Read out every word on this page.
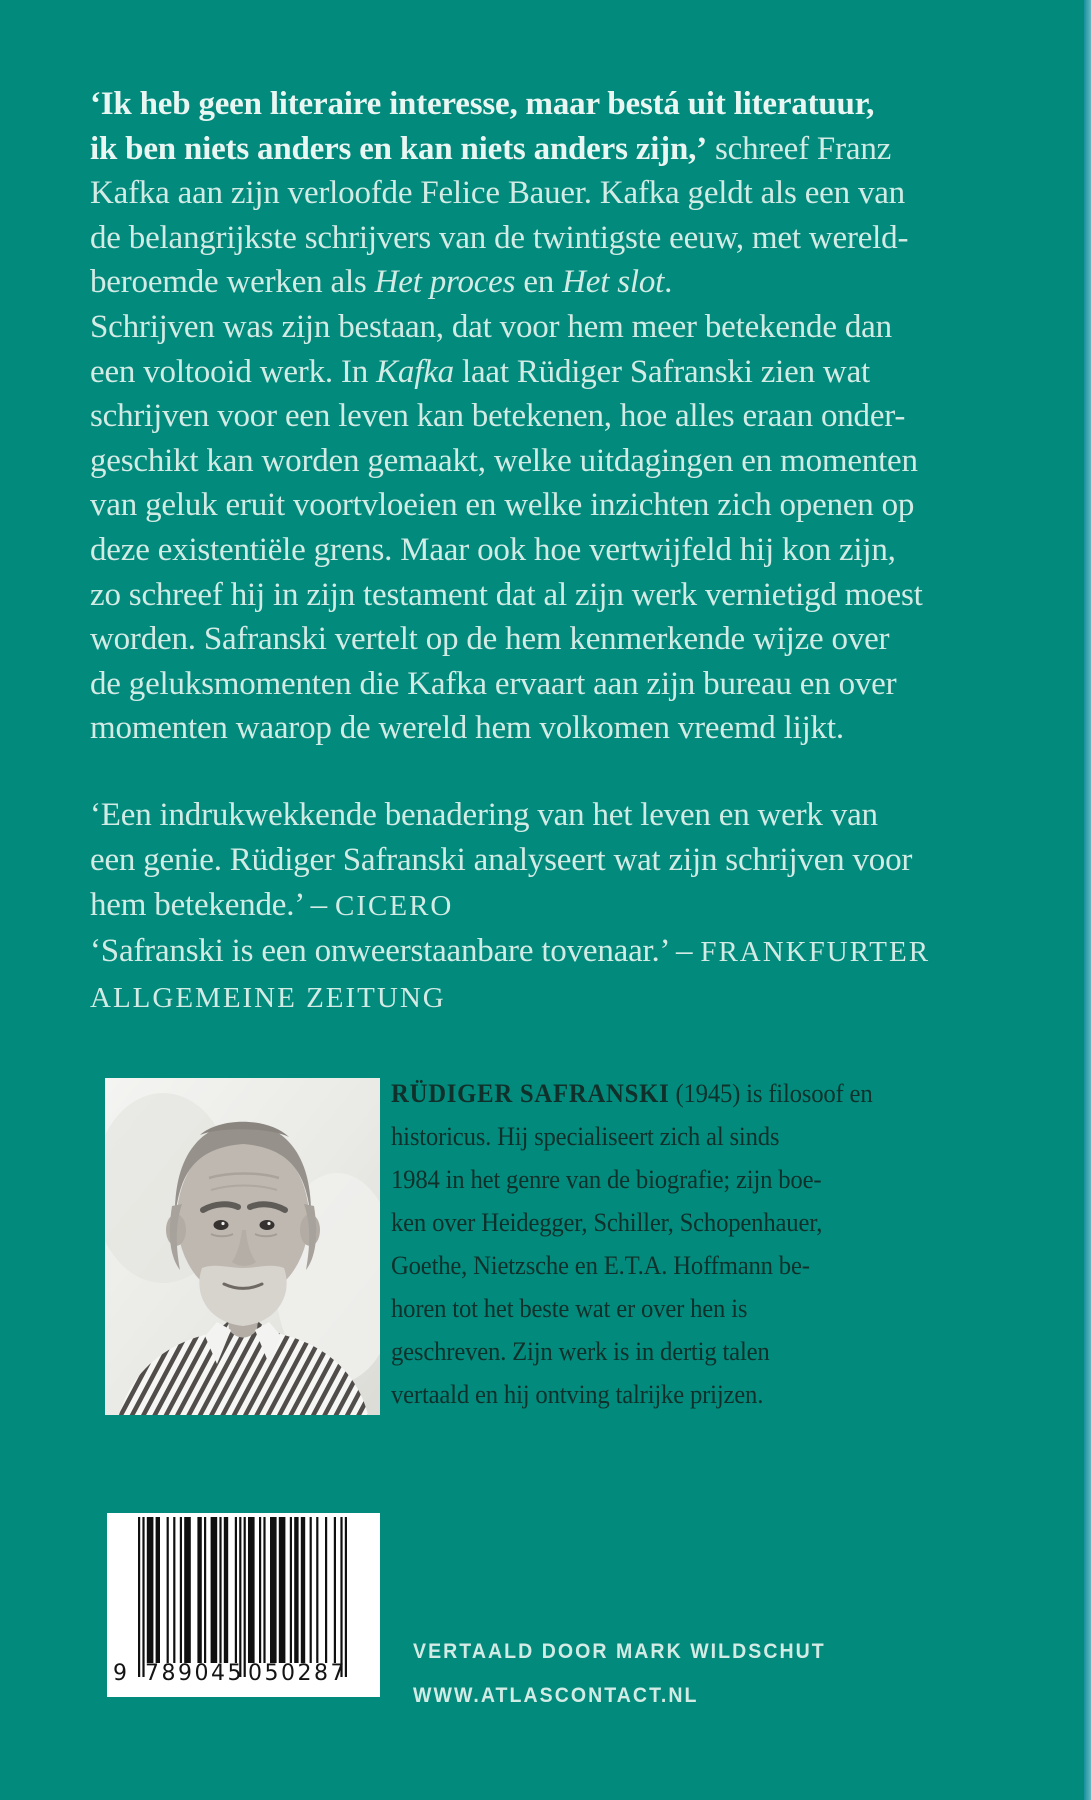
‘Ik heb geen literaire interesse, maar bestá uit literatuur,
ik ben niets anders en kan niets anders zijn,’ schreef Franz
Kafka aan zijn verloofde Felice Bauer. Kafka geldt als een van
de belangrijkste schrijvers van de twintigste eeuw, met wereld-
beroemde werken als Het proces en Het slot.
Schrijven was zijn bestaan, dat voor hem meer betekende dan
een voltooid werk. In Kafka laat Rüdiger Safranski zien wat
schrijven voor een leven kan betekenen, hoe alles eraan onder-
geschikt kan worden gemaakt, welke uitdagingen en momenten
van geluk eruit voortvloeien en welke inzichten zich openen op
deze existentiële grens. Maar ook hoe vertwijfeld hij kon zijn,
zo schreef hij in zijn testament dat al zijn werk vernietigd moest
worden. Safranski vertelt op de hem kenmerkende wijze over
de geluksmomenten die Kafka ervaart aan zijn bureau en over
momenten waarop de wereld hem volkomen vreemd lijkt.
‘Een indrukwekkende benadering van het leven en werk van
een genie. Rüdiger Safranski analyseert wat zijn schrijven voor
hem betekende.’ – CICERO
‘Safranski is een onweerstaanbare tovenaar.’ – FRANKFURTER
ALLGEMEINE ZEITUNG
RÜDIGER SAFRANSKI (1945) is filosoof en
historicus. Hij specialiseert zich al sinds
1984 in het genre van de biografie; zijn boe-
ken over Heidegger, Schiller, Schopenhauer,
Goethe, Nietzsche en E.T.A. Hoffmann be-
horen tot het beste wat er over hen is
geschreven. Zijn werk is in dertig talen
vertaald en hij ontving talrijke prijzen.
9 789045 050287
VERTAALD DOOR MARK WILDSCHUT
WWW.ATLASCONTACT.NL
